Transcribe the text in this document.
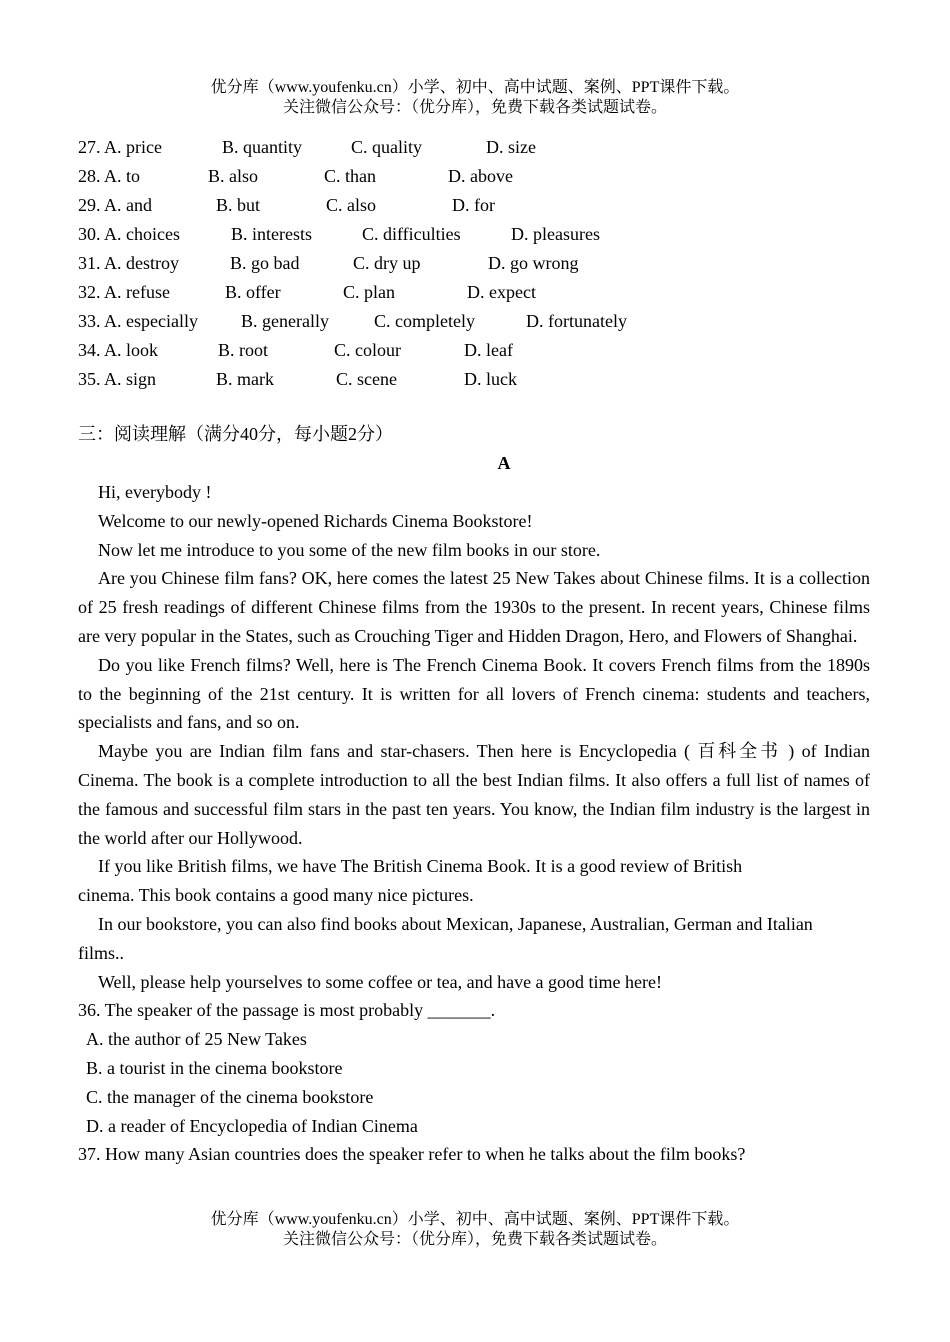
优分库（www.youfenku.cn）小学、初中、高中试题、案例、PPT课件下载。
关注微信公众号：（优分库），免费下载各类试题试卷。
27. A. price	B. quantity	C. quality	D. size
28. A. to	B. also	C. than	D. above
29. A. and	B. but	C. also	D. for
30. A. choices	B. interests	C. difficulties	D. pleasures
31. A. destroy	B. go bad	C. dry up	D. go wrong
32. A. refuse	B. offer	C. plan	D. expect
33. A. especially B. generally	C. completely	D. fortunately
34. A. look	B. root	C. colour	D. leaf
35. A. sign	B. mark	C. scene	D. luck
三：阅读理解（满分40分，每小题2分）
A

Hi, everybody !

Welcome to our newly-opened Richards Cinema Bookstore!

Now let me introduce to you some of the new film books in our store.

Are you Chinese film fans? OK, here comes the latest 25 New Takes about Chinese films. It is a collection of 25 fresh readings of different Chinese films from the 1930s to the present. In recent years, Chinese films are very popular in the States, such as Crouching Tiger and Hidden Dragon, Hero, and Flowers of Shanghai.

Do you like French films? Well, here is The French Cinema Book. It covers French films from the 1890s to the beginning of the 21st century. It is written for all lovers of French cinema: students and teachers, specialists and fans, and so on.

Maybe you are Indian film fans and star-chasers. Then here is Encyclopedia ( 百科全书 ) of Indian Cinema. The book is a complete introduction to all the best Indian films. It also offers a full list of names of the famous and successful film stars in the past ten years. You know, the Indian film industry is the largest in the world after our Hollywood.

If you like British films, we have The British Cinema Book. It is a good review of British cinema. This book contains a good many nice pictures.

In our bookstore, you can also find books about Mexican, Japanese, Australian, German and Italian films..

Well, please help yourselves to some coffee or tea, and have a good time here!

36. The speaker of the passage is most probably _______.

A. the author of 25 New Takes

B. a tourist in the cinema bookstore

C. the manager of the cinema bookstore

D. a reader of Encyclopedia of Indian Cinema

37. How many Asian countries does the speaker refer to when he talks about the film books?

优分库（www.youfenku.cn）小学、初中、高中试题、案例、PPT课件下载。
关注微信公众号：（优分库），免费下载各类试题试卷。
